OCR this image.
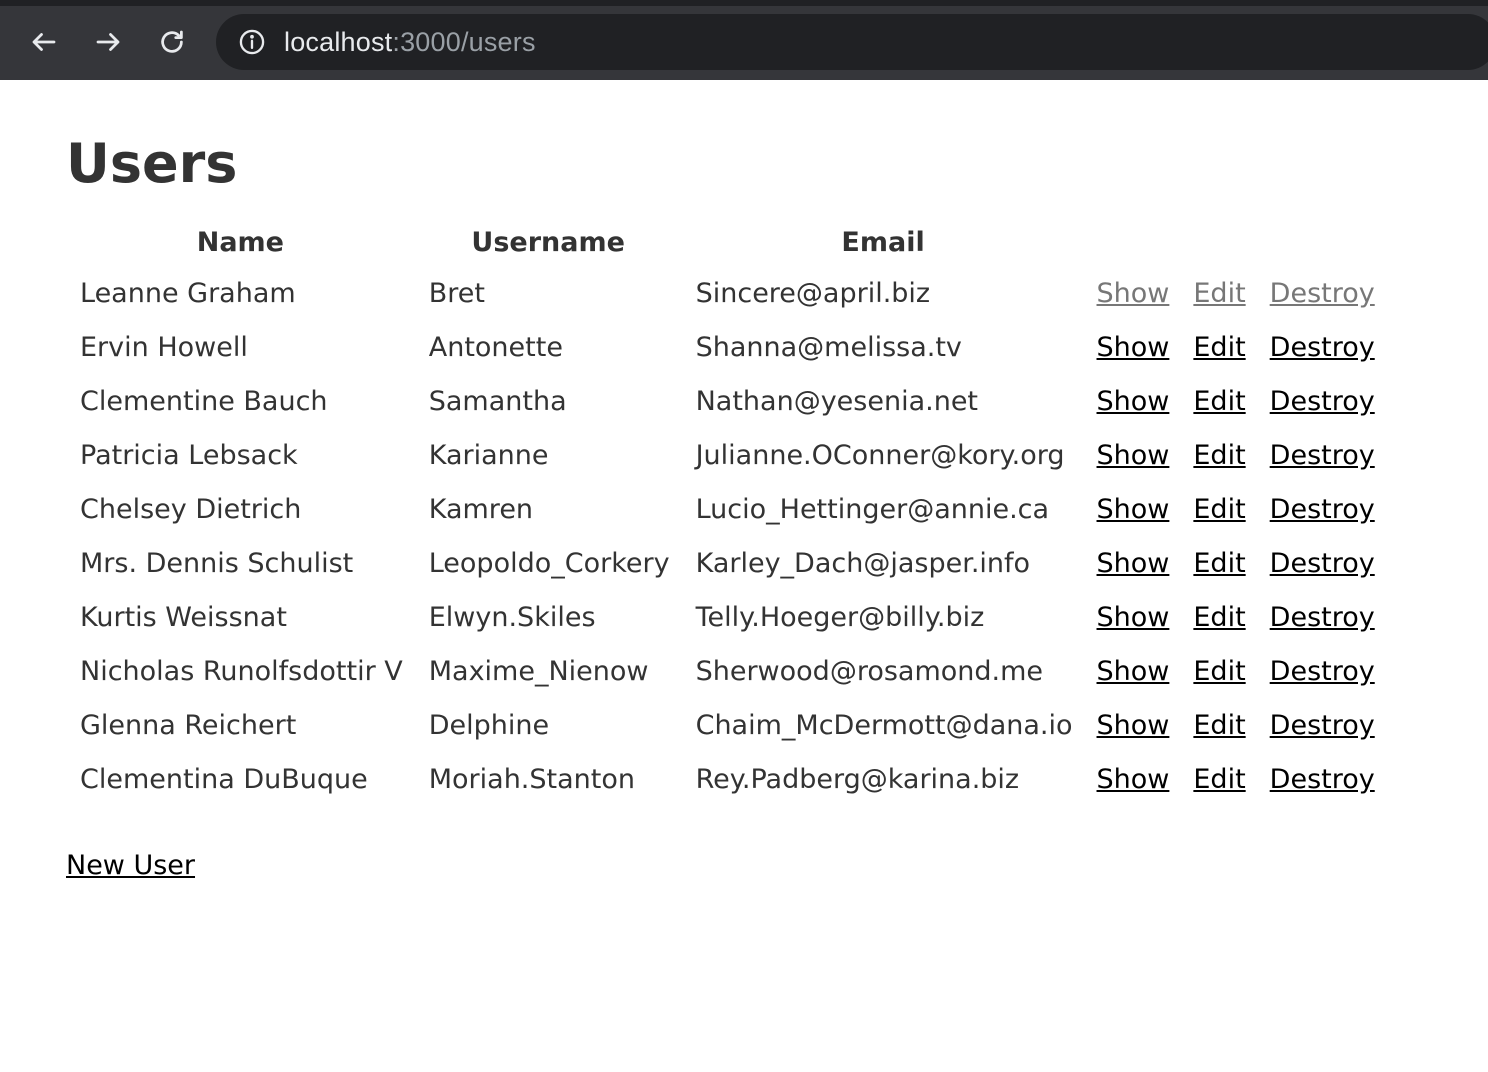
localhost:3000/users
Users
Name	Username	Email			
Leanne Graham	Bret	Sincere@april.biz	Show	Edit	Destroy
Ervin Howell	Antonette	Shanna@melissa.tv	Show	Edit	Destroy
Clementine Bauch	Samantha	Nathan@yesenia.net	Show	Edit	Destroy
Patricia Lebsack	Karianne	Julianne.OConner@kory.org	Show	Edit	Destroy
Chelsey Dietrich	Kamren	Lucio_Hettinger@annie.ca	Show	Edit	Destroy
Mrs. Dennis Schulist	Leopoldo_Corkery	Karley_Dach@jasper.info	Show	Edit	Destroy
Kurtis Weissnat	Elwyn.Skiles	Telly.Hoeger@billy.biz	Show	Edit	Destroy
Nicholas Runolfsdottir V	Maxime_Nienow	Sherwood@rosamond.me	Show	Edit	Destroy
Glenna Reichert	Delphine	Chaim_McDermott@dana.io	Show	Edit	Destroy
Clementina DuBuque	Moriah.Stanton	Rey.Padberg@karina.biz	Show	Edit	Destroy
New User
